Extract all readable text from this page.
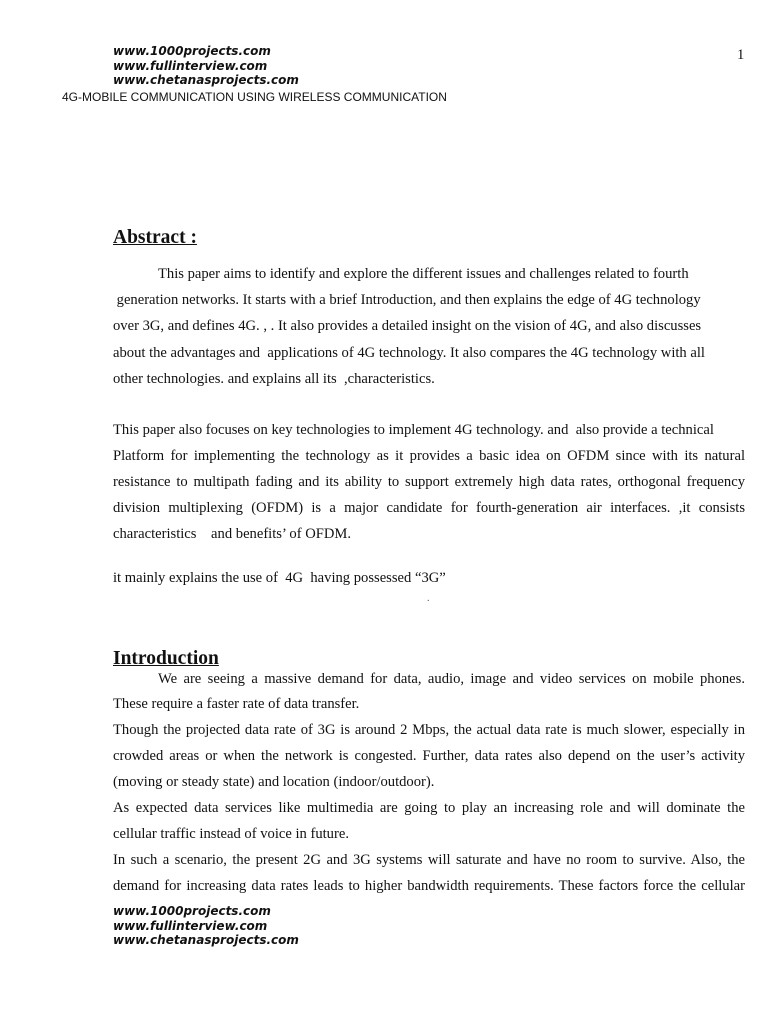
www.1000projects.com
www.fullinterview.com
www.chetanasprojects.com
1
4G-MOBILE COMMUNICATION USING WIRELESS COMMUNICATION
Abstract :
This paper aims to identify and explore the different issues and challenges related to fourth
generation networks. It starts with a brief Introduction, and then explains the edge of 4G technology
over 3G, and defines 4G. , . It also provides a detailed insight on the vision of 4G, and also discusses
about the advantages and  applications of 4G technology. It also compares the 4G technology with all
other technologies. and explains all its  ,characteristics.
This paper also focuses on key technologies to implement 4G technology. and  also provide a technical
Platform for implementing the technology as it provides a basic idea on OFDM since with its natural
resistance to multipath fading and its ability to support extremely high data rates, orthogonal frequency
division multiplexing (OFDM) is a major candidate for fourth-generation air interfaces. ,it consists
characteristics    and benefits’ of OFDM.
it mainly explains the use of  4G  having possessed “3G”
.
Introduction
We are seeing a massive demand for data, audio, image and video services on mobile phones.
These require a faster rate of data transfer.
Though the projected data rate of 3G is around 2 Mbps, the actual data rate is much slower, especially in
crowded areas or when the network is congested. Further, data rates also depend on the user’s activity
(moving or steady state) and location (indoor/outdoor).
As expected data services like multimedia are going to play an increasing role and will dominate the
cellular traffic instead of voice in future.
In such a scenario, the present 2G and 3G systems will saturate and have no room to survive. Also, the
demand for increasing data rates leads to higher bandwidth requirements. These factors force the cellular
www.1000projects.com
www.fullinterview.com
www.chetanasprojects.com
